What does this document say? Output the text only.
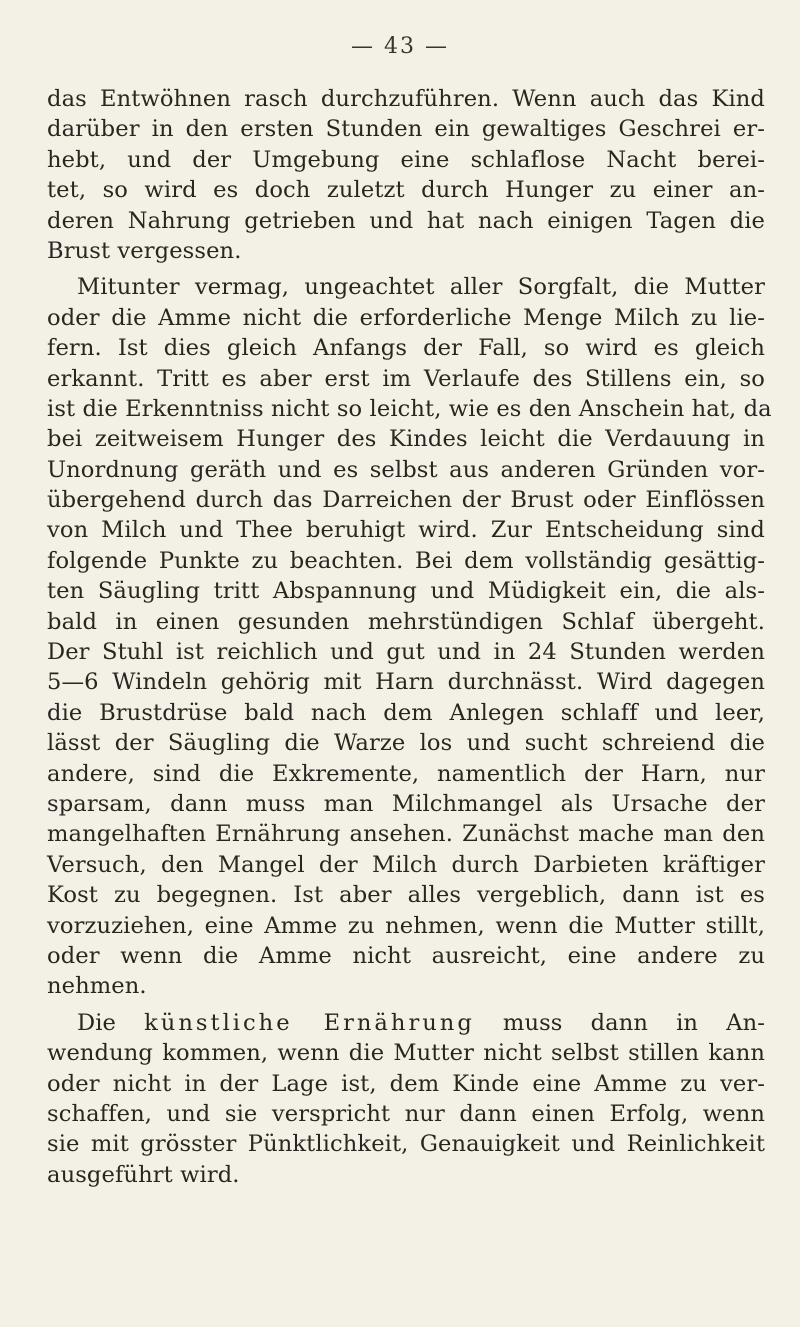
— 43 —
das Entwöhnen rasch durchzuführen. Wenn auch das Kind
darüber in den ersten Stunden ein gewaltiges Geschrei er-
hebt, und der Umgebung eine schlaflose Nacht berei-
tet, so wird es doch zuletzt durch Hunger zu einer an-
deren Nahrung getrieben und hat nach einigen Tagen die
Brust vergessen.
Mitunter vermag, ungeachtet aller Sorgfalt, die Mutter
oder die Amme nicht die erforderliche Menge Milch zu lie-
fern. Ist dies gleich Anfangs der Fall, so wird es gleich
erkannt. Tritt es aber erst im Verlaufe des Stillens ein, so
ist die Erkenntniss nicht so leicht, wie es den Anschein hat, da
bei zeitweisem Hunger des Kindes leicht die Verdauung in
Unordnung geräth und es selbst aus anderen Gründen vor-
übergehend durch das Darreichen der Brust oder Einflössen
von Milch und Thee beruhigt wird. Zur Entscheidung sind
folgende Punkte zu beachten. Bei dem vollständig gesättig-
ten Säugling tritt Abspannung und Müdigkeit ein, die als-
bald in einen gesunden mehrstündigen Schlaf übergeht.
Der Stuhl ist reichlich und gut und in 24 Stunden werden
5—6 Windeln gehörig mit Harn durchnässt. Wird dagegen
die Brustdrüse bald nach dem Anlegen schlaff und leer,
lässt der Säugling die Warze los und sucht schreiend die
andere, sind die Exkremente, namentlich der Harn, nur
sparsam, dann muss man Milchmangel als Ursache der
mangelhaften Ernährung ansehen. Zunächst mache man den
Versuch, den Mangel der Milch durch Darbieten kräftiger
Kost zu begegnen. Ist aber alles vergeblich, dann ist es
vorzuziehen, eine Amme zu nehmen, wenn die Mutter stillt,
oder wenn die Amme nicht ausreicht, eine andere zu
nehmen.
Die künstliche Ernährung muss dann in An-
wendung kommen, wenn die Mutter nicht selbst stillen kann
oder nicht in der Lage ist, dem Kinde eine Amme zu ver-
schaffen, und sie verspricht nur dann einen Erfolg, wenn
sie mit grösster Pünktlichkeit, Genauigkeit und Reinlichkeit
ausgeführt wird.
